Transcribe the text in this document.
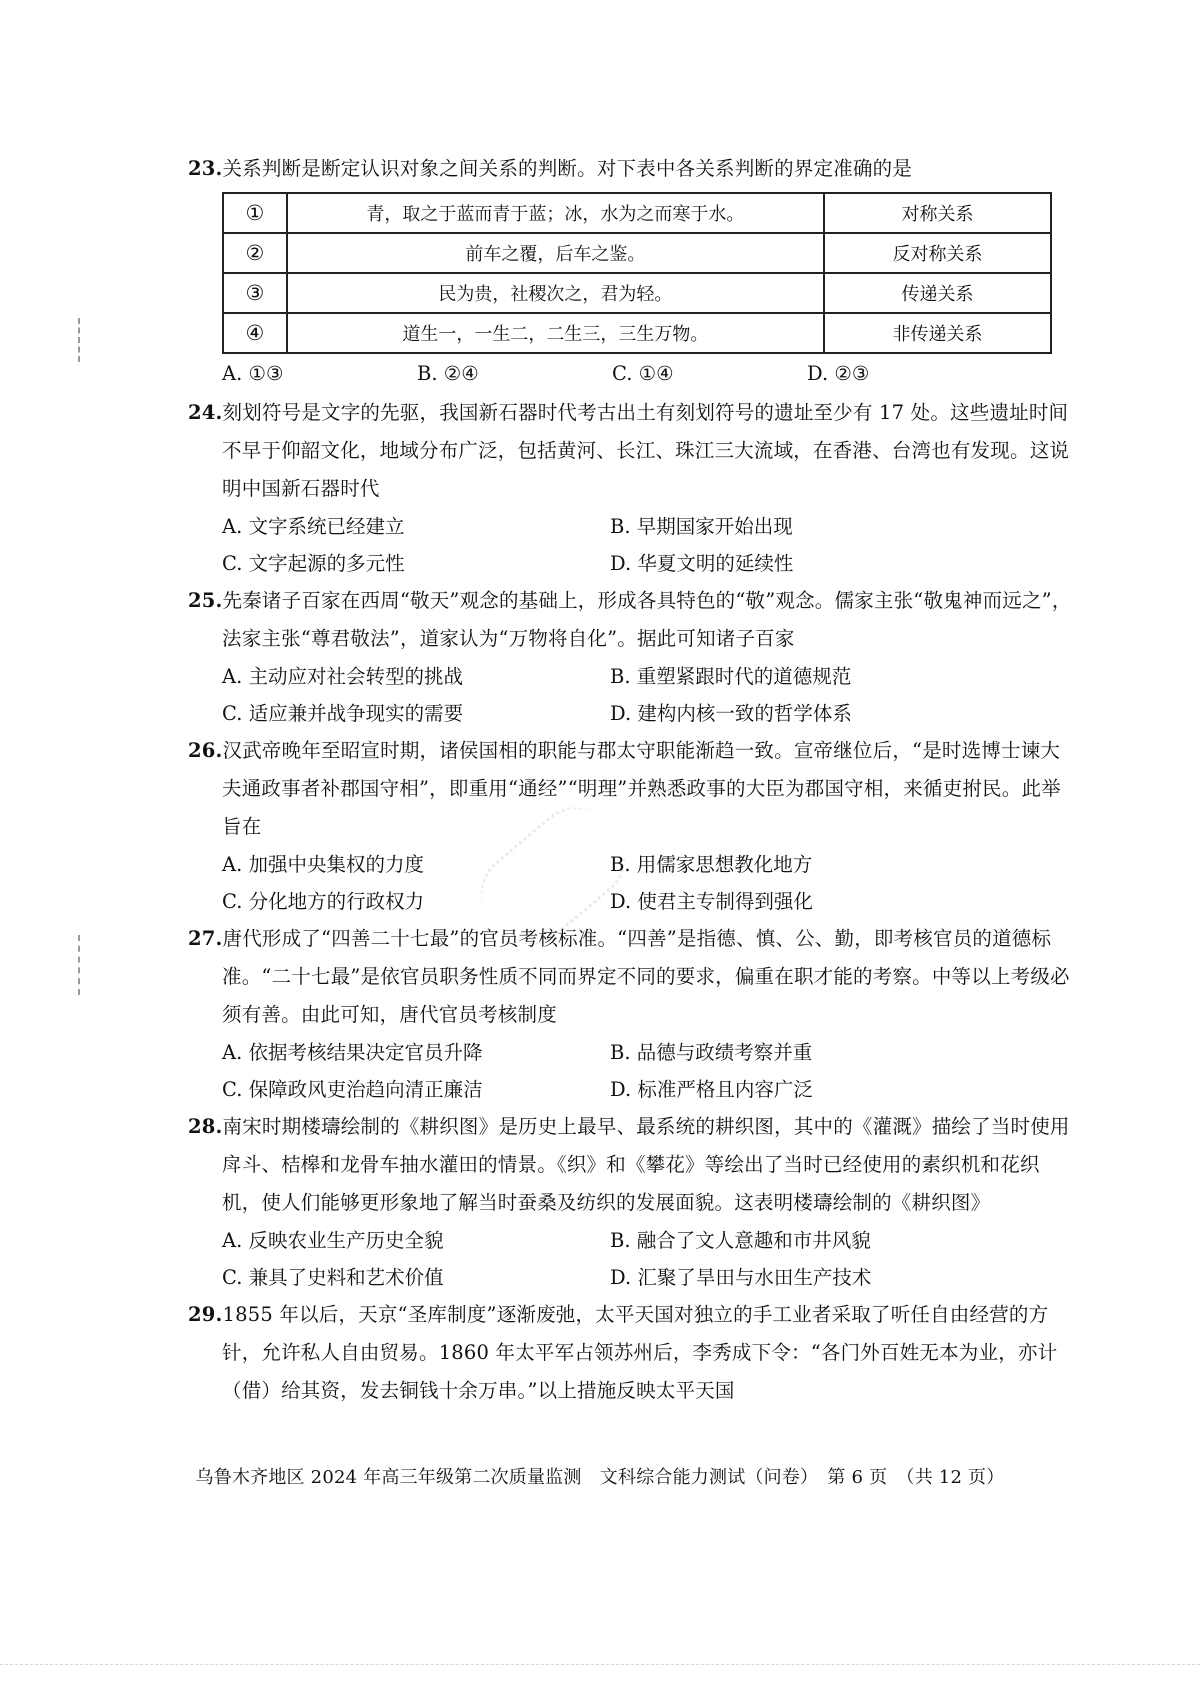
23.关系判断是断定认识对象之间关系的判断。对下表中各关系判断的界定准确的是

①	青，取之于蓝而青于蓝；冰，水为之而寒于水。	对称关系
②	前车之覆，后车之鉴。	反对称关系
③	民为贵，社稷次之，君为轻。	传递关系
④	道生一，一生二，二生三，三生万物。	非传递关系
A. ①③	B. ②④	C. ①④	D. ②③

24.刻划符号是文字的先驱，我国新石器时代考古出土有刻划符号的遗址至少有 17 处。这些遗址时间不早于仰韶文化，地域分布广泛，包括黄河、长江、珠江三大流域，在香港、台湾也有发现。这说明中国新石器时代

A. 文字系统已经建立	B. 早期国家开始出现
C. 文字起源的多元性	D. 华夏文明的延续性

25.先秦诸子百家在西周“敬天”观念的基础上，形成各具特色的“敬”观念。儒家主张“敬鬼神而远之”，法家主张“尊君敬法”，道家认为“万物将自化”。据此可知诸子百家

A. 主动应对社会转型的挑战	B. 重塑紧跟时代的道德规范
C. 适应兼并战争现实的需要	D. 建构内核一致的哲学体系

26.汉武帝晚年至昭宣时期，诸侯国相的职能与郡太守职能渐趋一致。宣帝继位后，“是时选博士谏大夫通政事者补郡国守相”，即重用“通经”“明理”并熟悉政事的大臣为郡国守相，来循吏拊民。此举旨在

A. 加强中央集权的力度	B. 用儒家思想教化地方
C. 分化地方的行政权力	D. 使君主专制得到强化

27.唐代形成了“四善二十七最”的官员考核标准。“四善”是指德、慎、公、勤，即考核官员的道德标准。“二十七最”是依官员职务性质不同而界定不同的要求，偏重在职才能的考察。中等以上考级必须有善。由此可知，唐代官员考核制度

A. 依据考核结果决定官员升降	B. 品德与政绩考察并重
C. 保障政风吏治趋向清正廉洁	D. 标准严格且内容广泛

28.南宋时期楼璹绘制的《耕织图》是历史上最早、最系统的耕织图，其中的《灌溉》描绘了当时使用戽斗、桔槔和龙骨车抽水灌田的情景。《织》和《攀花》等绘出了当时已经使用的素织机和花织机，使人们能够更形象地了解当时蚕桑及纺织的发展面貌。这表明楼璹绘制的《耕织图》

A. 反映农业生产历史全貌	B. 融合了文人意趣和市井风貌
C. 兼具了史料和艺术价值	D. 汇聚了旱田与水田生产技术

29.1855 年以后，天京“圣库制度”逐渐废弛，太平天国对独立的手工业者采取了听任自由经营的方针，允许私人自由贸易。1860 年太平军占领苏州后，李秀成下令：“各门外百姓无本为业，亦计（借）给其资，发去铜钱十余万串。”以上措施反映太平天国

乌鲁木齐地区 2024 年高三年级第二次质量监测　文科综合能力测试（问卷）　第 6 页　（共 12 页）
